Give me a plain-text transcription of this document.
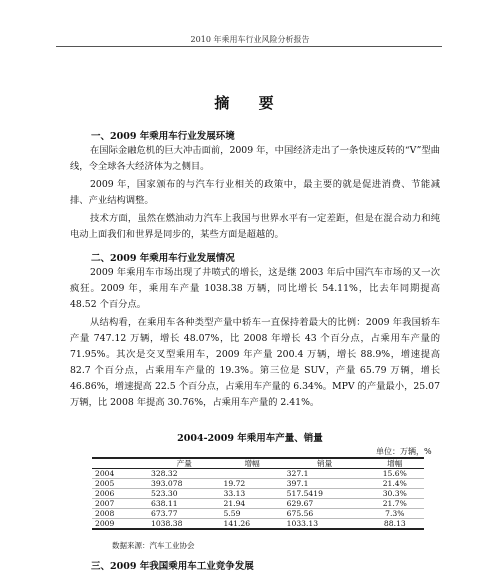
2010 年乘用车行业风险分析报告
摘 要
一、2009 年乘用车行业发展环境
在国际金融危机的巨大冲击面前，2009 年，中国经济走出了一条快速反转的“V”型曲线，令全球各大经济体为之侧目。
2009 年，国家颁布的与汽车行业相关的政策中，最主要的就是促进消费、节能减排、产业结构调整。
技术方面，虽然在燃油动力汽车上我国与世界水平有一定差距，但是在混合动力和纯电动上面我们和世界是同步的，某些方面是超越的。
二、2009 年乘用车行业发展情况
2009 年乘用车市场出现了井喷式的增长，这是继 2003 年后中国汽车市场的又一次疯狂。2009 年，乘用车产量 1038.38 万辆，同比增长 54.11%，比去年同期提高 48.52 个百分点。
从结构看，在乘用车各种类型产量中轿车一直保持着最大的比例：2009 年我国轿车产量 747.12 万辆，增长 48.07%，比 2008 年增长 43 个百分点，占乘用车产量的 71.95%。其次是交叉型乘用车，2009 年产量 200.4 万辆，增长 88.9%，增速提高 82.7 个百分点，占乘用车产量的 19.3%。第三位是 SUV，产量 65.79 万辆，增长 46.86%，增速提高 22.5 个百分点，占乘用车产量的 6.34%。MPV 的产量最小，25.07 万辆，比 2008 年提高 30.76%，占乘用车产量的 2.41%。
2004-2009 年乘用车产量、销量
单位：万辆，%
	产量	增幅	销量	增幅
2004	328.32		327.1	15.6%
2005	393.078	19.72	397.1	21.4%
2006	523.30	33.13	517.5419	30.3%
2007	638.11	21.94	629.67	21.7%
2008	673.77	5.59	675.56	7.3%
2009	1038.38	141.26	1033.13	88.13
数据来源：汽车工业协会
三、2009 年我国乘用车工业竞争发展
